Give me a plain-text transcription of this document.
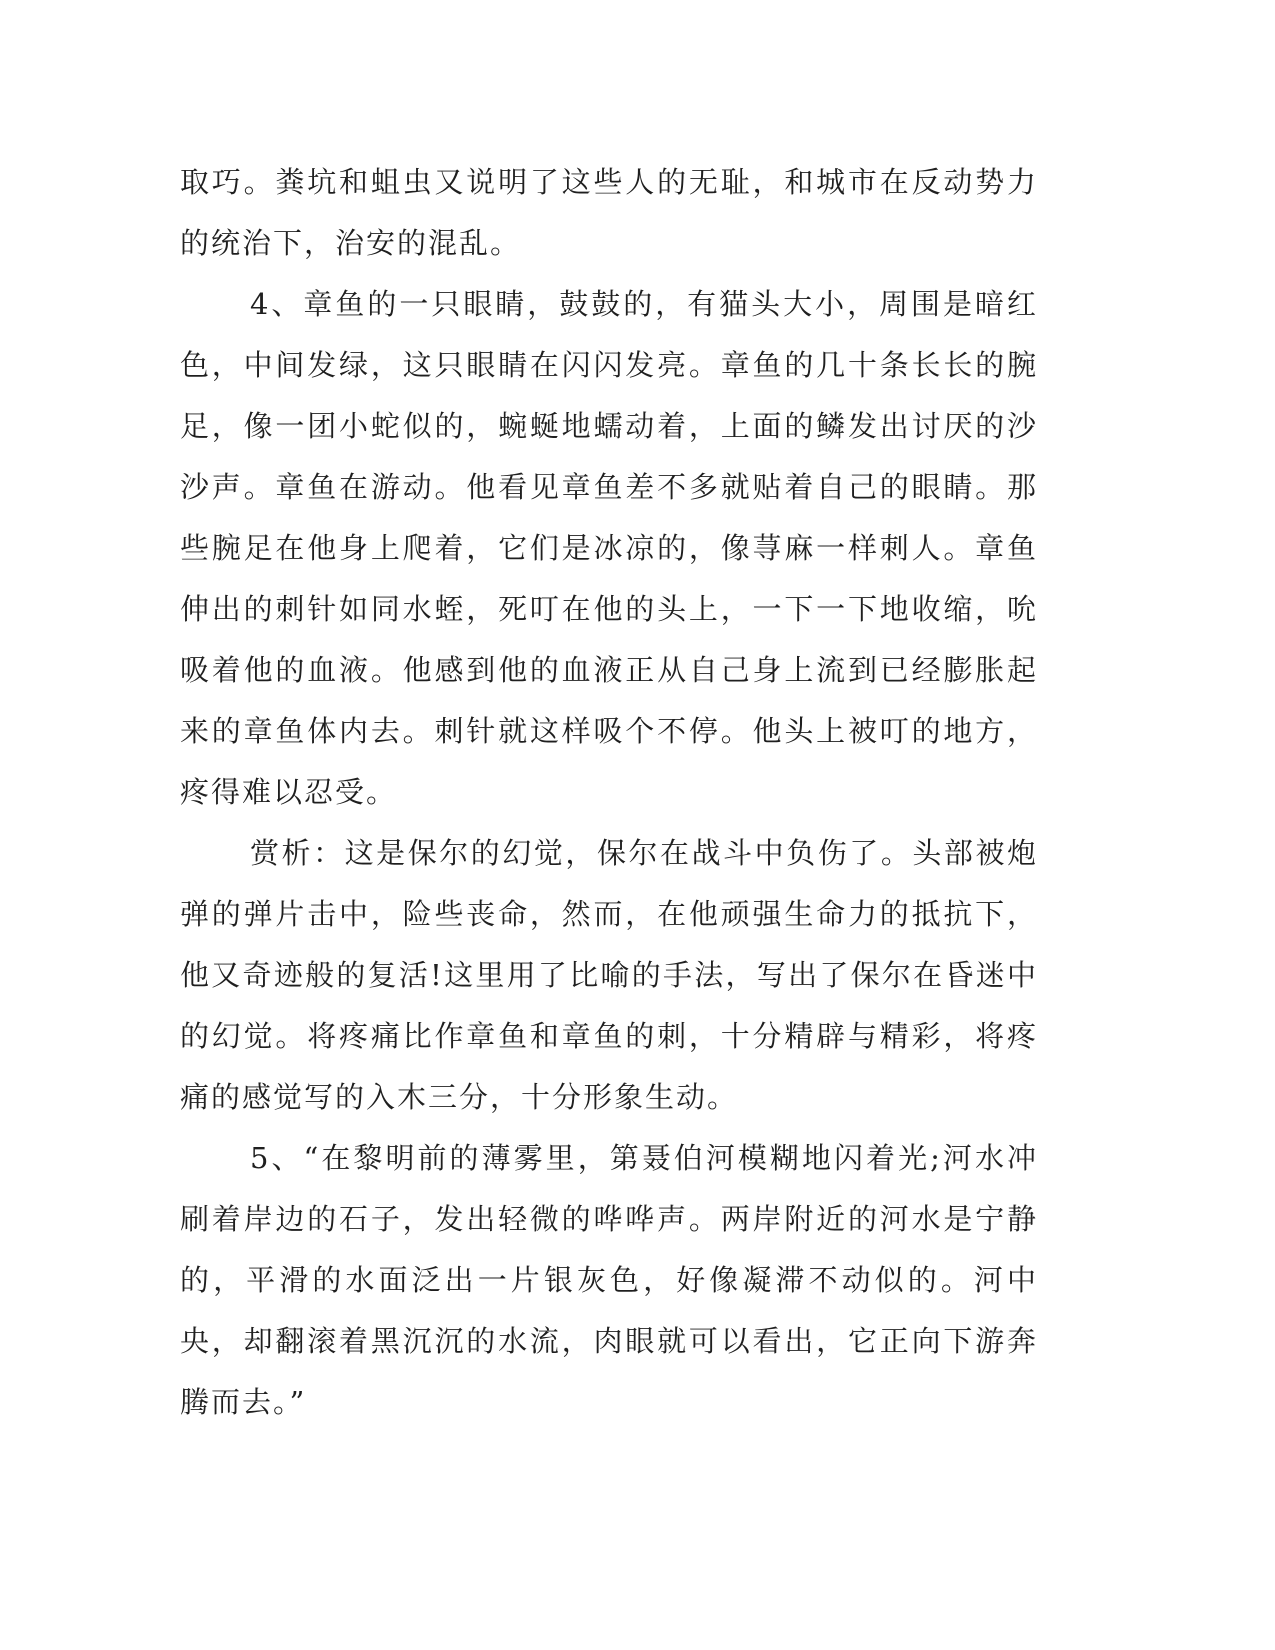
取巧。粪坑和蛆虫又说明了这些人的无耻，和城市在反动势力的统治下，治安的混乱。

4、章鱼的一只眼睛，鼓鼓的，有猫头大小，周围是暗红色，中间发绿，这只眼睛在闪闪发亮。章鱼的几十条长长的腕足，像一团小蛇似的，蜿蜒地蠕动着，上面的鳞发出讨厌的沙沙声。章鱼在游动。他看见章鱼差不多就贴着自己的眼睛。那些腕足在他身上爬着，它们是冰凉的，像荨麻一样刺人。章鱼伸出的刺针如同水蛭，死叮在他的头上，一下一下地收缩，吮吸着他的血液。他感到他的血液正从自己身上流到已经膨胀起来的章鱼体内去。刺针就这样吸个不停。他头上被叮的地方，疼得难以忍受。

赏析：这是保尔的幻觉，保尔在战斗中负伤了。头部被炮弹的弹片击中，险些丧命，然而，在他顽强生命力的抵抗下，他又奇迹般的复活!这里用了比喻的手法，写出了保尔在昏迷中的幻觉。将疼痛比作章鱼和章鱼的刺，十分精辟与精彩，将疼痛的感觉写的入木三分，十分形象生动。

5、“在黎明前的薄雾里，第聂伯河模糊地闪着光;河水冲刷着岸边的石子，发出轻微的哗哗声。两岸附近的河水是宁静的，平滑的水面泛出一片银灰色，好像凝滞不动似的。河中央，却翻滚着黑沉沉的水流，肉眼就可以看出，它正向下游奔腾而去。”
